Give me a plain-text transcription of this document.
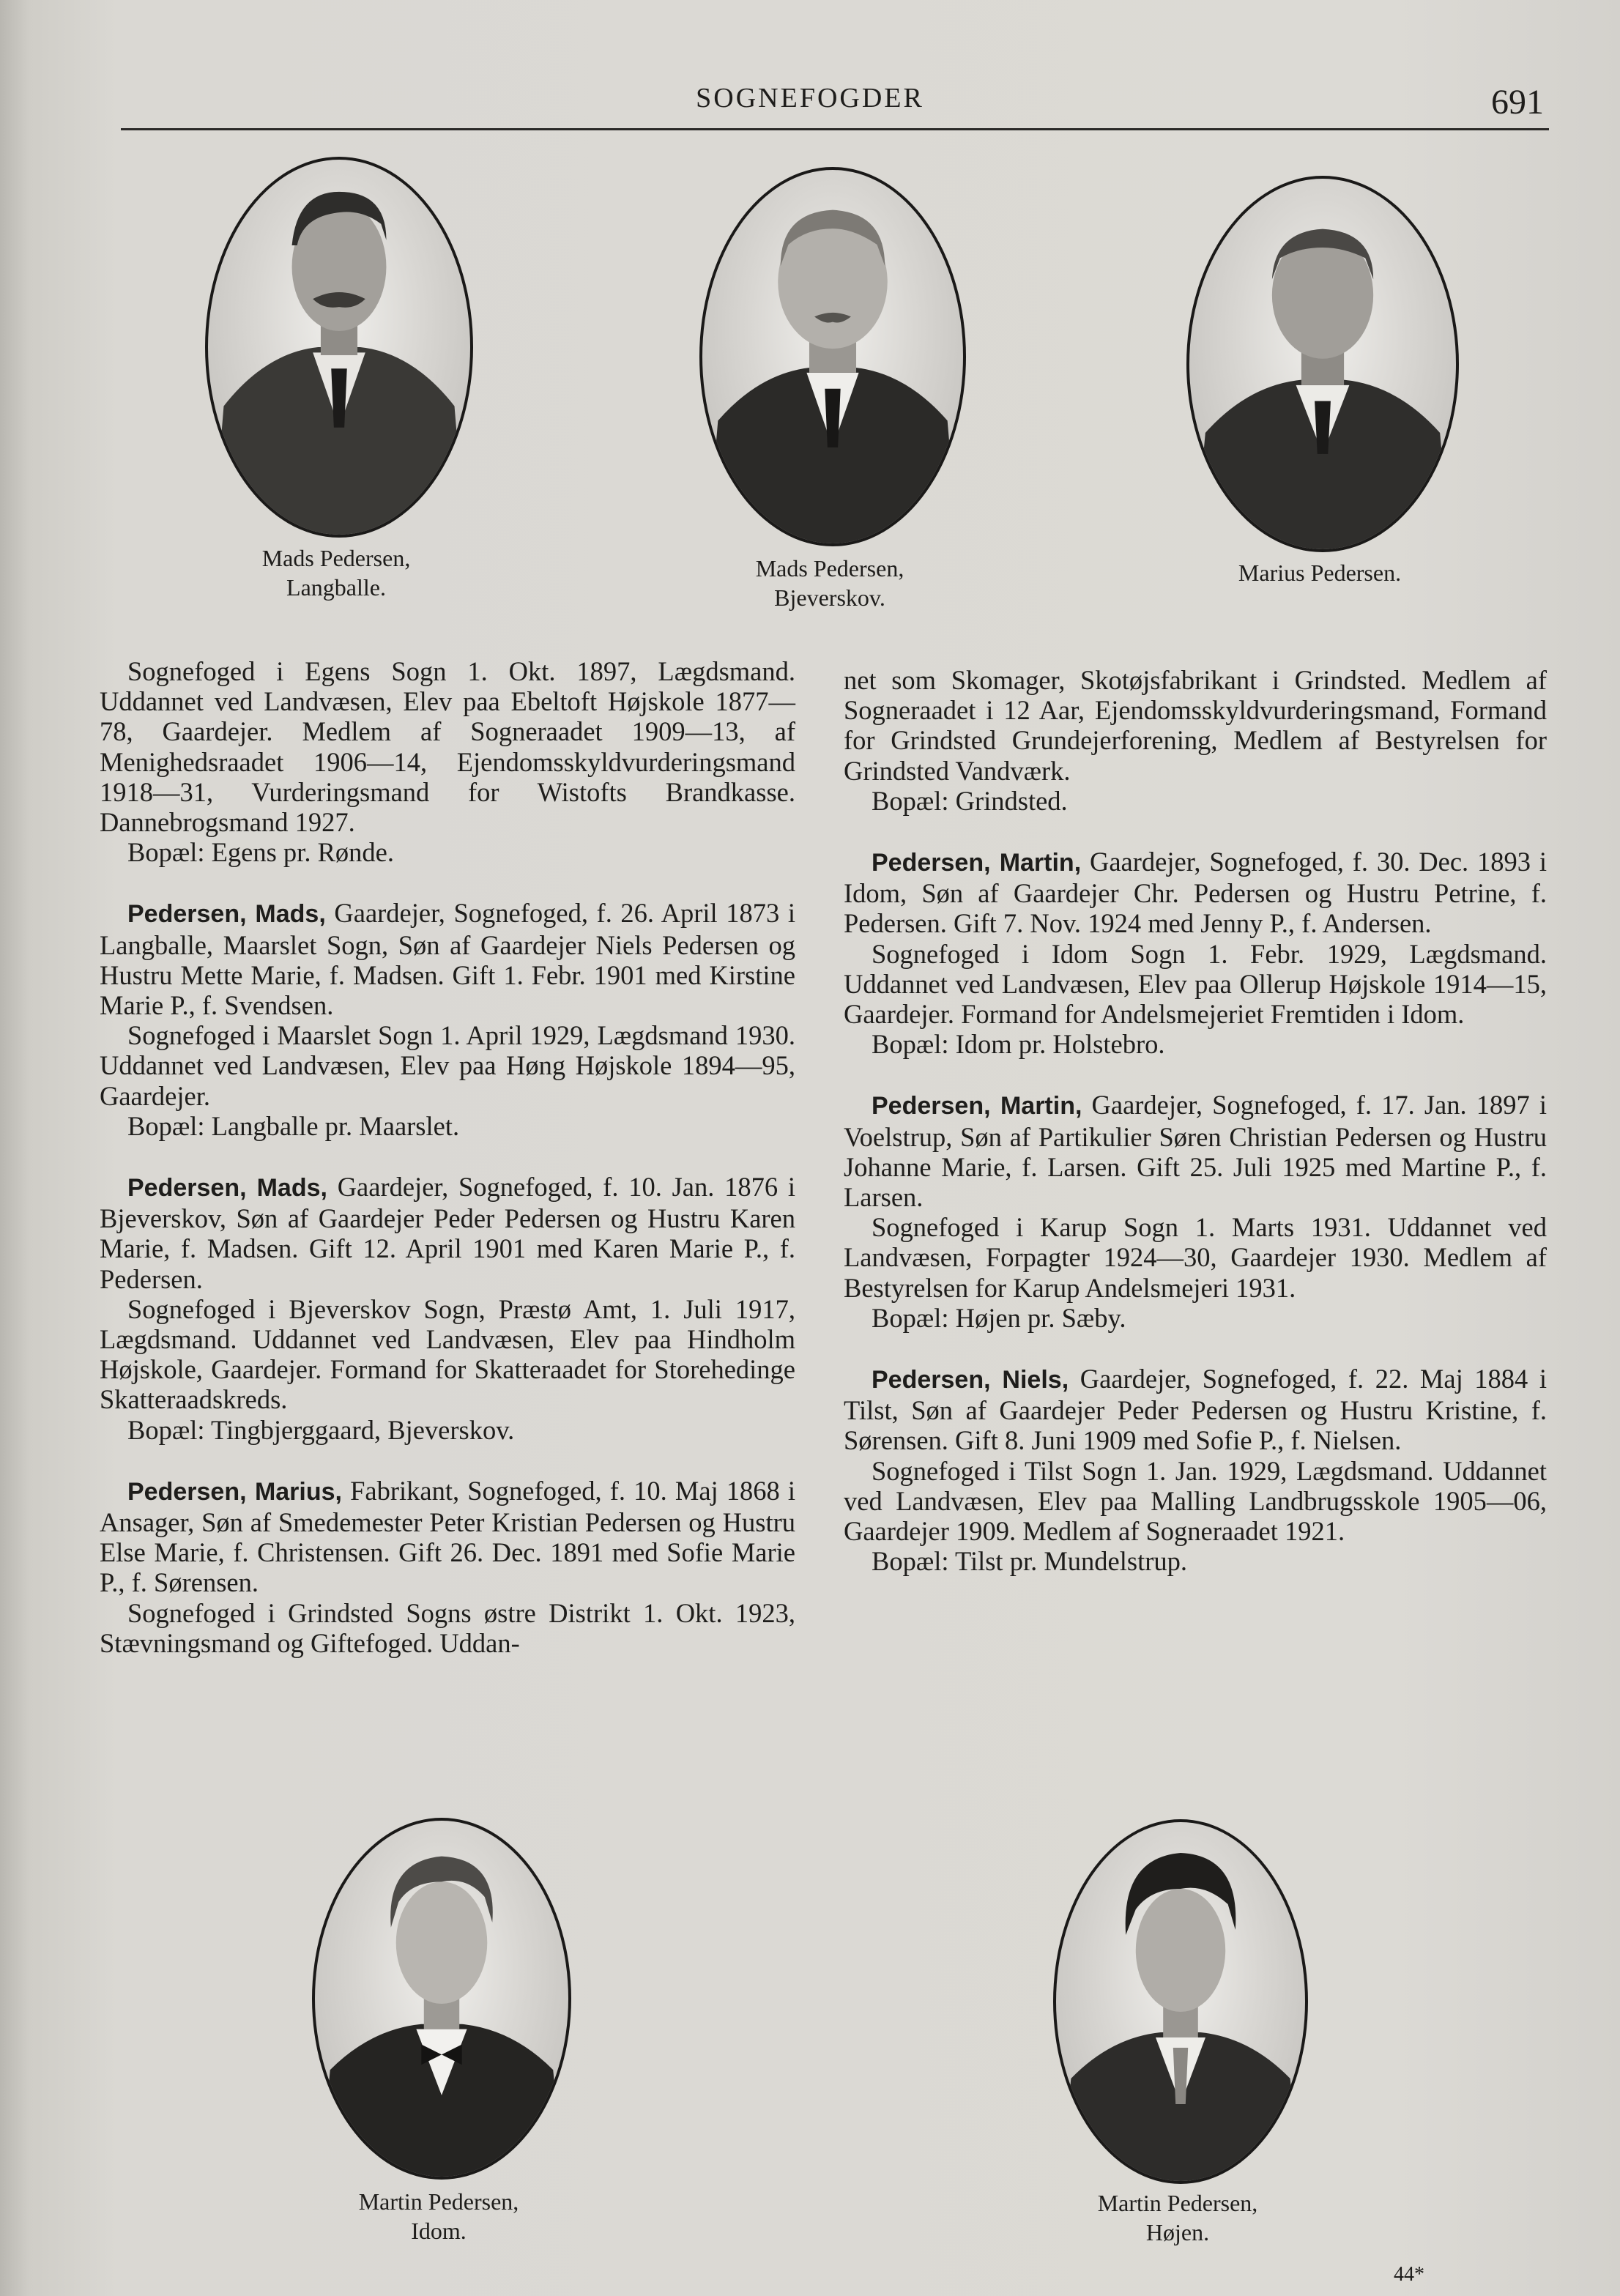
SOGNEFOGDER	691
Mads Pedersen,
Langballe.
Mads Pedersen,
Bjeverskov.
Marius Pedersen.

Sognefoged i Egens Sogn 1. Okt. 1897, Lægdsmand. Uddannet ved Landvæsen, Elev paa Ebeltoft Højskole 1877—78, Gaardejer. Medlem af Sogneraadet 1909—13, af Menighedsraadet 1906—14, Ejendomsskyldvurderingsmand 1918—31, Vurderingsmand for Wistofts Brandkasse. Dannebrogsmand 1927.

Bopæl: Egens pr. Rønde.

Pedersen, Mads, Gaardejer, Sognefoged, f. 26. April 1873 i Langballe, Maarslet Sogn, Søn af Gaardejer Niels Pedersen og Hustru Mette Marie, f. Madsen. Gift 1. Febr. 1901 med Kirstine Marie P., f. Svendsen.

Sognefoged i Maarslet Sogn 1. April 1929, Lægdsmand 1930. Uddannet ved Landvæsen, Elev paa Høng Højskole 1894—95, Gaardejer.

Bopæl: Langballe pr. Maarslet.

Pedersen, Mads, Gaardejer, Sognefoged, f. 10. Jan. 1876 i Bjeverskov, Søn af Gaardejer Peder Pedersen og Hustru Karen Marie, f. Madsen. Gift 12. April 1901 med Karen Marie P., f. Pedersen.

Sognefoged i Bjeverskov Sogn, Præstø Amt, 1. Juli 1917, Lægdsmand. Uddannet ved Landvæsen, Elev paa Hindholm Højskole, Gaardejer. Formand for Skatteraadet for Storehedinge Skatteraadskreds.

Bopæl: Tingbjerggaard, Bjeverskov.

Pedersen, Marius, Fabrikant, Sognefoged, f. 10. Maj 1868 i Ansager, Søn af Smedemester Peter Kristian Pedersen og Hustru Else Marie, f. Christensen. Gift 26. Dec. 1891 med Sofie Marie P., f. Sørensen.

Sognefoged i Grindsted Sogns østre Distrikt 1. Okt. 1923, Stævningsmand og Giftefoged. Uddan-

net som Skomager, Skotøjsfabrikant i Grindsted. Medlem af Sogneraadet i 12 Aar, Ejendomsskyldvurderingsmand, Formand for Grindsted Grundejerforening, Medlem af Bestyrelsen for Grindsted Vandværk.

Bopæl: Grindsted.

Pedersen, Martin, Gaardejer, Sognefoged, f. 30. Dec. 1893 i Idom, Søn af Gaardejer Chr. Pedersen og Hustru Petrine, f. Pedersen. Gift 7. Nov. 1924 med Jenny P., f. Andersen.

Sognefoged i Idom Sogn 1. Febr. 1929, Lægdsmand. Uddannet ved Landvæsen, Elev paa Ollerup Højskole 1914—15, Gaardejer. Formand for Andelsmejeriet Fremtiden i Idom.

Bopæl: Idom pr. Holstebro.

Pedersen, Martin, Gaardejer, Sognefoged, f. 17. Jan. 1897 i Voelstrup, Søn af Partikulier Søren Christian Pedersen og Hustru Johanne Marie, f. Larsen. Gift 25. Juli 1925 med Martine P., f. Larsen.

Sognefoged i Karup Sogn 1. Marts 1931. Uddannet ved Landvæsen, Forpagter 1924—30, Gaardejer 1930. Medlem af Bestyrelsen for Karup Andelsmejeri 1931.

Bopæl: Højen pr. Sæby.

Pedersen, Niels, Gaardejer, Sognefoged, f. 22. Maj 1884 i Tilst, Søn af Gaardejer Peder Pedersen og Hustru Kristine, f. Sørensen. Gift 8. Juni 1909 med Sofie P., f. Nielsen.

Sognefoged i Tilst Sogn 1. Jan. 1929, Lægdsmand. Uddannet ved Landvæsen, Elev paa Malling Landbrugsskole 1905—06, Gaardejer 1909. Medlem af Sogneraadet 1921.

Bopæl: Tilst pr. Mundelstrup.

Martin Pedersen,
Idom.
Martin Pedersen,
Højen.
44*
